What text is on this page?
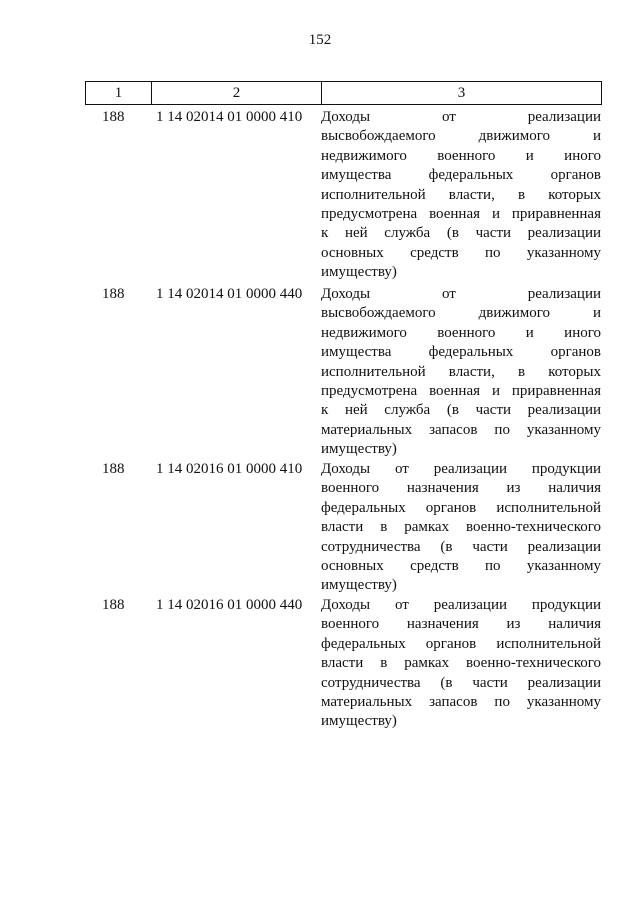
152
1	2	3
188 1 14 02014 01 0000 410 Доходы от реализации
высвобождаемого движимого и
недвижимого военного и иного
имущества федеральных органов
исполнительной власти, в которых
предусмотрена военная и приравненная
к ней служба (в части реализации
основных средств по указанному
имуществу)
188 1 14 02014 01 0000 440 Доходы от реализации
высвобождаемого движимого и
недвижимого военного и иного
имущества федеральных органов
исполнительной власти, в которых
предусмотрена военная и приравненная
к ней служба (в части реализации
материальных запасов по указанному
имуществу)
188 1 14 02016 01 0000 410 Доходы от реализации продукции
военного назначения из наличия
федеральных органов исполнительной
власти в рамках военно-технического
сотрудничества (в части реализации
основных средств по указанному
имуществу)
188 1 14 02016 01 0000 440 Доходы от реализации продукции
военного назначения из наличия
федеральных органов исполнительной
власти в рамках военно-технического
сотрудничества (в части реализации
материальных запасов по указанному
имуществу)
